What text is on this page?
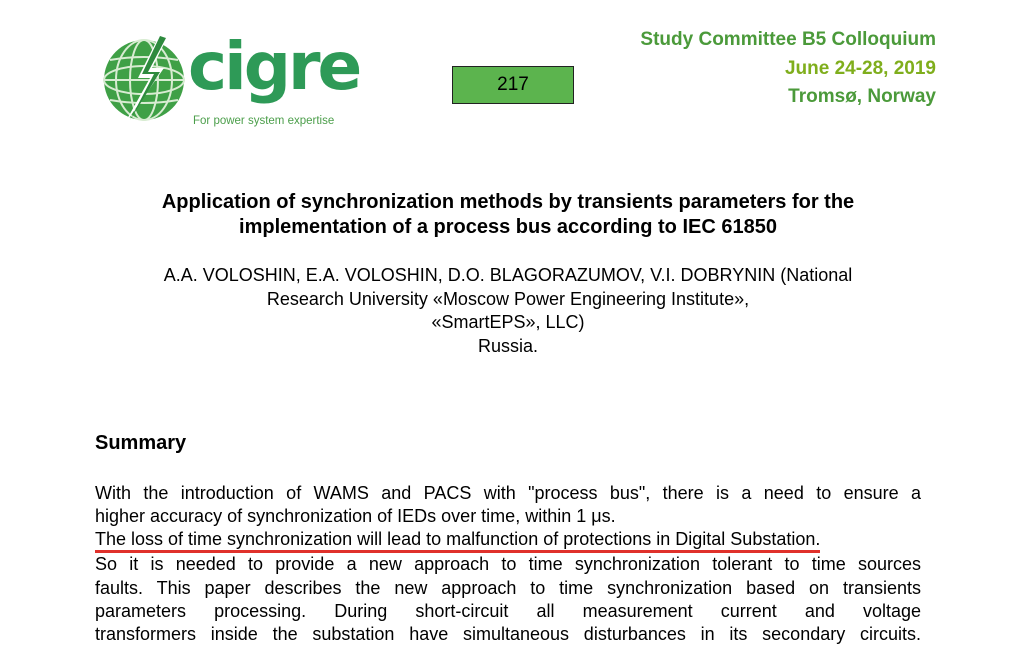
cigre
For power system expertise
217
Study Committee B5 Colloquium
June 24-28, 2019
Tromsø, Norway
Application of synchronization methods by transients parameters for the
implementation of a process bus according to IEC 61850
A.A. VOLOSHIN, E.A. VOLOSHIN, D.O. BLAGORAZUMOV, V.I. DOBRYNIN (National
Research University «Moscow Power Engineering Institute»,
«SmartEPS», LLC)
Russia.
Summary
With the introduction of WAMS and PACS with "process bus", there is a need to ensure a
higher accuracy of synchronization of IEDs over time, within 1 μs.
The loss of time synchronization will lead to malfunction of protections in Digital Substation.
So it is needed to provide a new approach to time synchronization tolerant to time sources
faults. This paper describes the new approach to time synchronization based on transients
parameters processing. During short-circuit all measurement current and voltage
transformers inside the substation have simultaneous disturbances in its secondary circuits.
